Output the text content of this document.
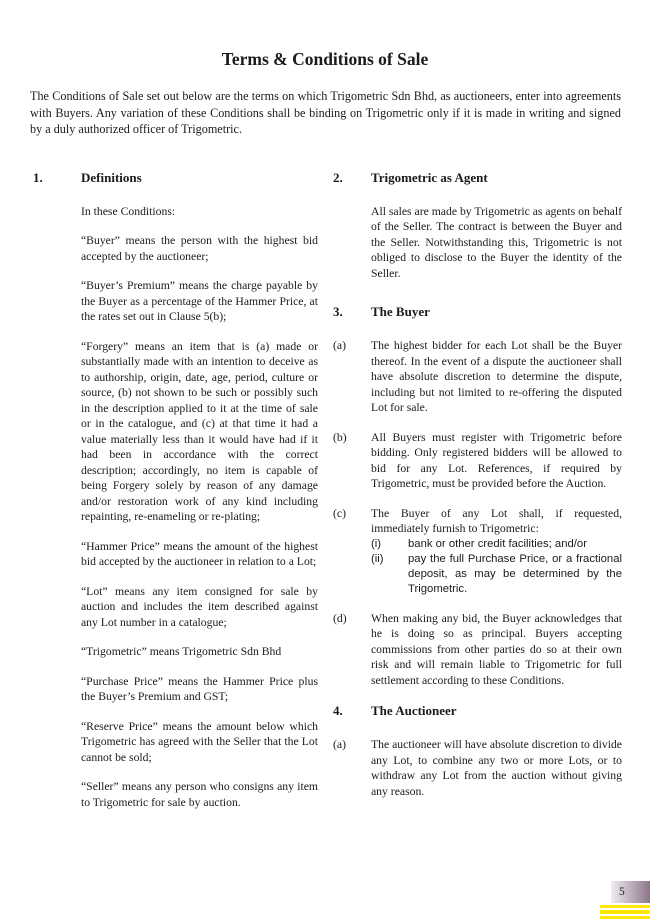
Terms & Conditions of Sale
The Conditions of Sale set out below are the terms on which Trigometric Sdn Bhd, as auctioneers, enter into agreements with Buyers. Any variation of these Conditions shall be binding on Trigometric only if it is made in writing and signed by a duly authorized officer of Trigometric.
1.	Definitions
In these Conditions:
“Buyer” means the person with the highest bid accepted by the auctioneer;
“Buyer’s Premium” means the charge payable by the Buyer as a percentage of the Hammer Price, at the rates set out in Clause 5(b);
“Forgery” means an item that is (a) made or substantially made with an intention to deceive as to authorship, origin, date, age, period, culture or source, (b) not shown to be such or possibly such in the description applied to it at the time of sale or in the catalogue, and (c) at that time it had a value materially less than it would have had if it had been in accordance with the correct description; accordingly, no item is capable of being Forgery solely by reason of any damage and/or restoration work of any kind including repainting, re-enameling or re-plating;
“Hammer Price” means the amount of the highest bid accepted by the auctioneer in relation to a Lot;
“Lot” means any item consigned for sale by auction and includes the item described against any Lot number in a catalogue;
“Trigometric” means Trigometric Sdn Bhd
“Purchase Price” means the Hammer Price plus the Buyer’s Premium and GST;
“Reserve Price” means the amount below which Trigometric has agreed with the Seller that the Lot cannot be sold;
“Seller” means any person who consigns any item to Trigometric for sale by auction.
2.	Trigometric as Agent
All sales are made by Trigometric as agents on behalf of the Seller. The contract is between the Buyer and the Seller. Notwithstanding this, Trigometric is not obliged to disclose to the Buyer the identity of the Seller.
3.	The Buyer
(a)	The highest bidder for each Lot shall be the Buyer thereof. In the event of a dispute the auctioneer shall have absolute discretion to determine the dispute, including but not limited to re-offering the disputed Lot for sale.
(b)	All Buyers must register with Trigometric before bidding. Only registered bidders will be allowed to bid for any Lot. References, if required by Trigometric, must be provided before the Auction.
(c)	The Buyer of any Lot shall, if requested, immediately furnish to Trigometric:
(i)	bank or other credit facilities; and/or
(ii)	pay the full Purchase Price, or a fractional deposit, as may be determined by the Trigometric.
(d)	When making any bid, the Buyer acknowledges that he is doing so as principal. Buyers accepting commissions from other parties do so at their own risk and will remain liable to Trigometric for full settlement according to these Conditions.
4.	The Auctioneer
(a)	The auctioneer will have absolute discretion to divide any Lot, to combine any two or more Lots, or to withdraw any Lot from the auction without giving any reason.
5
